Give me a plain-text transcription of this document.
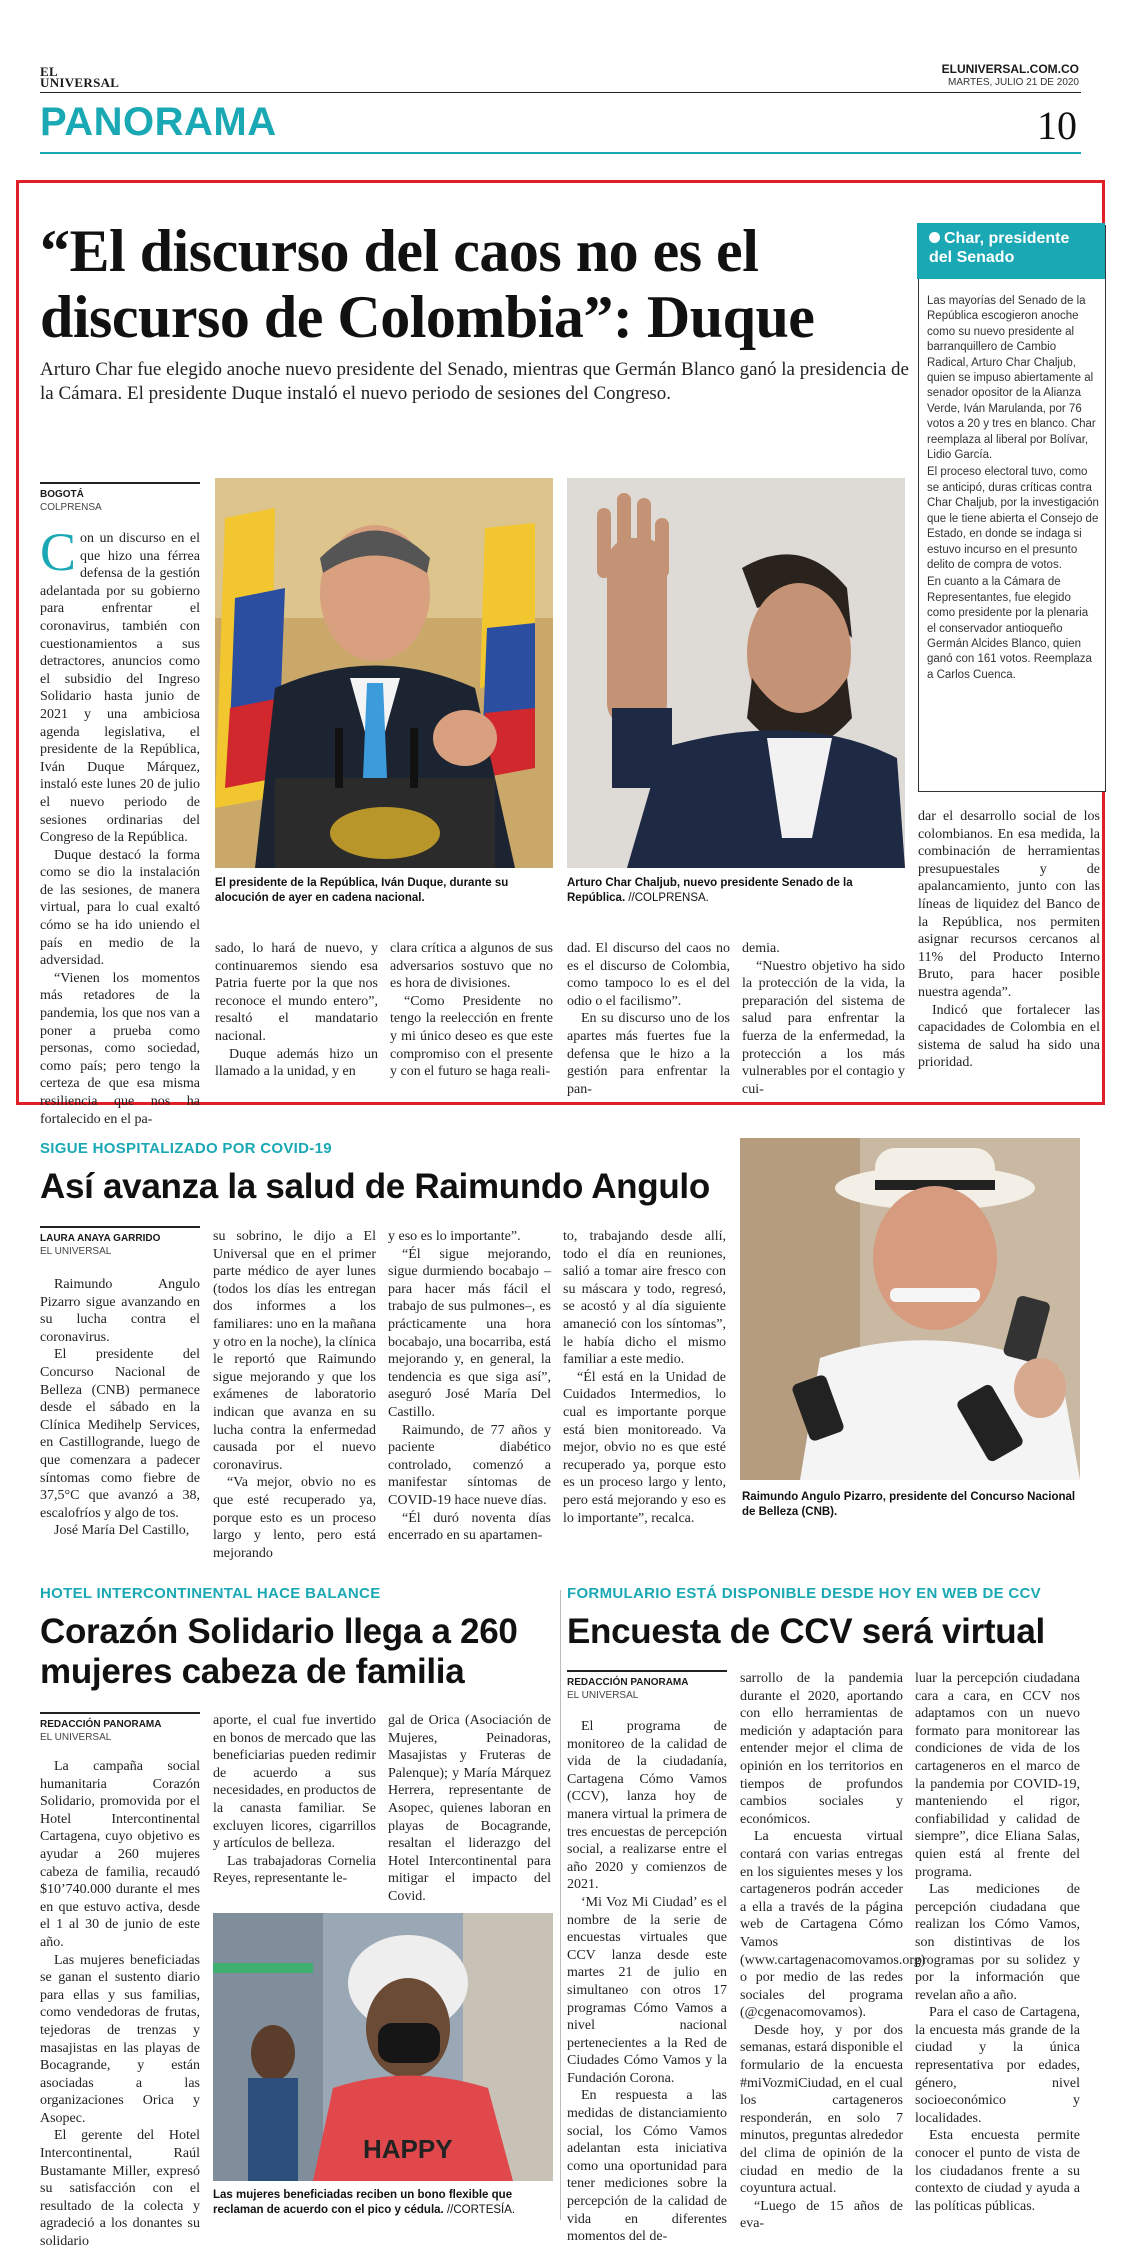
EL UNIVERSAL
ELUNIVERSAL.COM.CO
MARTES, JULIO 21 DE 2020
PANORAMA	10
“El discurso del caos no es el discurso de Colombia”: Duque

Arturo Char fue elegido anoche nuevo presidente del Senado, mientras que Germán Blanco ganó la presidencia de la Cámara. El presidente Duque instaló el nuevo periodo de sesiones del Congreso.

BOGOTÁ
COLPRENSA

Con un discurso en el que hizo una férrea defensa de la gestión adelantada por su gobierno para enfrentar el coronavirus, también con cuestionamientos a sus detractores, anuncios como el subsidio del Ingreso Solidario hasta junio de 2021 y una ambiciosa agenda legislativa, el presidente de la República, Iván Duque Márquez, instaló este lunes 20 de julio el nuevo periodo de sesiones ordinarias del Congreso de la República.

Duque destacó la forma como se dio la instalación de las sesiones, de manera virtual, para lo cual exaltó cómo se ha ido uniendo el país en medio de la adversidad.

“Vienen los momentos más retadores de la pandemia, los que nos van a poner a prueba como personas, como sociedad, como país; pero tengo la certeza de que esa misma resiliencia que nos ha fortalecido en el pa-

El presidente de la República, Iván Duque, durante su alocución de ayer en cadena nacional.
Arturo Char Chaljub, nuevo presidente Senado de la República. //COLPRENSA.

sado, lo hará de nuevo, y continuaremos siendo esa Patria fuerte por la que nos reconoce el mundo entero”, resaltó el mandatario nacional.

Duque además hizo un llamado a la unidad, y en

clara crítica a algunos de sus adversarios sostuvo que no es hora de divisiones.

“Como Presidente no tengo la reelección en frente y mi único deseo es que este compromiso con el presente y con el futuro se haga reali-

dad. El discurso del caos no es el discurso de Colombia, como tampoco lo es el del odio o el facilismo”.

En su discurso uno de los apartes más fuertes fue la defensa que le hizo a la gestión para enfrentar la pan-

demia.

“Nuestro objetivo ha sido la protección de la vida, la preparación del sistema de salud para enfrentar la fuerza de la enfermedad, la protección a los más vulnerables por el contagio y cui-

dar el desarrollo social de los colombianos. En esa medida, la combinación de herramientas presupuestales y de apalancamiento, junto con las líneas de liquidez del Banco de la República, nos permiten asignar recursos cercanos al 11% del Producto Interno Bruto, para hacer posible nuestra agenda”.

Indicó que fortalecer las capacidades de Colombia en el sistema de salud ha sido una prioridad.

Char, presidente del Senado

Las mayorías del Senado de la República escogieron anoche como su nuevo presidente al barranquillero de Cambio Radical, Arturo Char Chaljub, quien se impuso abiertamente al senador opositor de la Alianza Verde, Iván Marulanda, por 76 votos a 20 y tres en blanco. Char reemplaza al liberal por Bolívar, Lidio García.

El proceso electoral tuvo, como se anticipó, duras críticas contra Char Chaljub, por la investigación que le tiene abierta el Consejo de Estado, en donde se indaga si estuvo incurso en el presunto delito de compra de votos.

En cuanto a la Cámara de Representantes, fue elegido como presidente por la plenaria el conservador antioqueño Germán Alcides Blanco, quien ganó con 161 votos. Reemplaza a Carlos Cuenca.

SIGUE HOSPITALIZADO POR COVID-19
Así avanza la salud de Raimundo Angulo
LAURA ANAYA GARRIDO
EL UNIVERSAL

Raimundo Angulo Pizarro sigue avanzando en su lucha contra el coronavirus.

El presidente del Concurso Nacional de Belleza (CNB) permanece desde el sábado en la Clínica Medihelp Services, en Castillogrande, luego de que comenzara a padecer síntomas como fiebre de 37,5°C que avanzó a 38, escalofríos y algo de tos.

José María Del Castillo,

su sobrino, le dijo a El Universal que en el primer parte médico de ayer lunes (todos los días les entregan dos informes a los familiares: uno en la mañana y otro en la noche), la clínica le reportó que Raimundo sigue mejorando y que los exámenes de laboratorio indican que avanza en su lucha contra la enfermedad causada por el nuevo coronavirus.

“Va mejor, obvio no es que esté recuperado ya, porque esto es un proceso largo y lento, pero está mejorando

y eso es lo importante”.

“Él sigue mejorando, sigue durmiendo bocabajo –para hacer más fácil el trabajo de sus pulmones–, es prácticamente una hora bocabajo, una bocarriba, está mejorando y, en general, la tendencia es que siga así”, aseguró José María Del Castillo.

Raimundo, de 77 años y paciente diabético controlado, comenzó a manifestar síntomas de COVID-19 hace nueve días.

“Él duró noventa días encerrado en su apartamen-

to, trabajando desde allí, todo el día en reuniones, salió a tomar aire fresco con su máscara y todo, regresó, se acostó y al día siguiente amaneció con los síntomas”, le había dicho el mismo familiar a este medio.

“Él está en la Unidad de Cuidados Intermedios, lo cual es importante porque está bien monitoreado. Va mejor, obvio no es que esté recuperado ya, porque esto es un proceso largo y lento, pero está mejorando y eso es lo importante”, recalca.

Raimundo Angulo Pizarro, presidente del Concurso Nacional de Belleza (CNB).
HOTEL INTERCONTINENTAL HACE BALANCE
Corazón Solidario llega a 260 mujeres cabeza de familia
REDACCIÓN PANORAMA
EL UNIVERSAL

La campaña social humanitaria Corazón Solidario, promovida por el Hotel Intercontinental Cartagena, cuyo objetivo es ayudar a 260 mujeres cabeza de familia, recaudó $10’740.000 durante el mes en que estuvo activa, desde el 1 al 30 de junio de este año.

Las mujeres beneficiadas se ganan el sustento diario para ellas y sus familias, como vendedoras de frutas, tejedoras de trenzas y masajistas en las playas de Bocagrande, y están asociadas a las organizaciones Orica y Asopec.

El gerente del Hotel Intercontinental, Raúl Bustamante Miller, expresó su satisfacción con el resultado de la colecta y agradeció a los donantes su solidario

aporte, el cual fue invertido en bonos de mercado que las beneficiarias pueden redimir de acuerdo a sus necesidades, en productos de la canasta familiar. Se excluyen licores, cigarrillos y artículos de belleza.

Las trabajadoras Cornelia Reyes, representante le-

gal de Orica (Asociación de Mujeres, Peinadoras, Masajistas y Fruteras de Palenque); y María Márquez Herrera, representante de Asopec, quienes laboran en playas de Bocagrande, resaltan el liderazgo del Hotel Intercontinental para mitigar el impacto del Covid.

HAPPY
Las mujeres beneficiadas reciben un bono flexible que reclaman de acuerdo con el pico y cédula. //CORTESÍA.
FORMULARIO ESTÁ DISPONIBLE DESDE HOY EN WEB DE CCV
Encuesta de CCV será virtual
REDACCIÓN PANORAMA
EL UNIVERSAL

El programa de monitoreo de la calidad de vida de la ciudadanía, Cartagena Cómo Vamos (CCV), lanza hoy de manera virtual la primera de tres encuestas de percepción social, a realizarse entre el año 2020 y comienzos de 2021.

‘Mi Voz Mi Ciudad’ es el nombre de la serie de encuestas virtuales que CCV lanza desde este martes 21 de julio en simultaneo con otros 17 programas Cómo Vamos a nivel nacional pertenecientes a la Red de Ciudades Cómo Vamos y la Fundación Corona.

En respuesta a las medidas de distanciamiento social, los Cómo Vamos adelantan esta iniciativa como una oportunidad para tener mediciones sobre la percepción de la calidad de vida en diferentes momentos del de-

sarrollo de la pandemia durante el 2020, aportando con ello herramientas de medición y adaptación para entender mejor el clima de opinión en los territorios en tiempos de profundos cambios sociales y económicos.

La encuesta virtual contará con varias entregas en los siguientes meses y los cartageneros podrán acceder a ella a través de la página web de Cartagena Cómo Vamos (www.cartagenacomovamos.org) o por medio de las redes sociales del programa (@cgenacomovamos).

Desde hoy, y por dos semanas, estará disponible el formulario de la encuesta #miVozmiCiudad, en el cual los cartageneros responderán, en solo 7 minutos, preguntas alrededor del clima de opinión de la ciudad en medio de la coyuntura actual.

“Luego de 15 años de eva-

luar la percepción ciudadana cara a cara, en CCV nos adaptamos con un nuevo formato para monitorear las condiciones de vida de los cartageneros en el marco de la pandemia por COVID-19, manteniendo el rigor, confiabilidad y calidad de siempre”, dice Eliana Salas, quien está al frente del programa.

Las mediciones de percepción ciudadana que realizan los Cómo Vamos, son distintivas de los programas por su solidez y por la información que revelan año a año.

Para el caso de Cartagena, la encuesta más grande de la ciudad y la única representativa por edades, género, nivel socioeconómico y localidades.

Esta encuesta permite conocer el punto de vista de los ciudadanos frente a su contexto de ciudad y ayuda a las políticas públicas.
